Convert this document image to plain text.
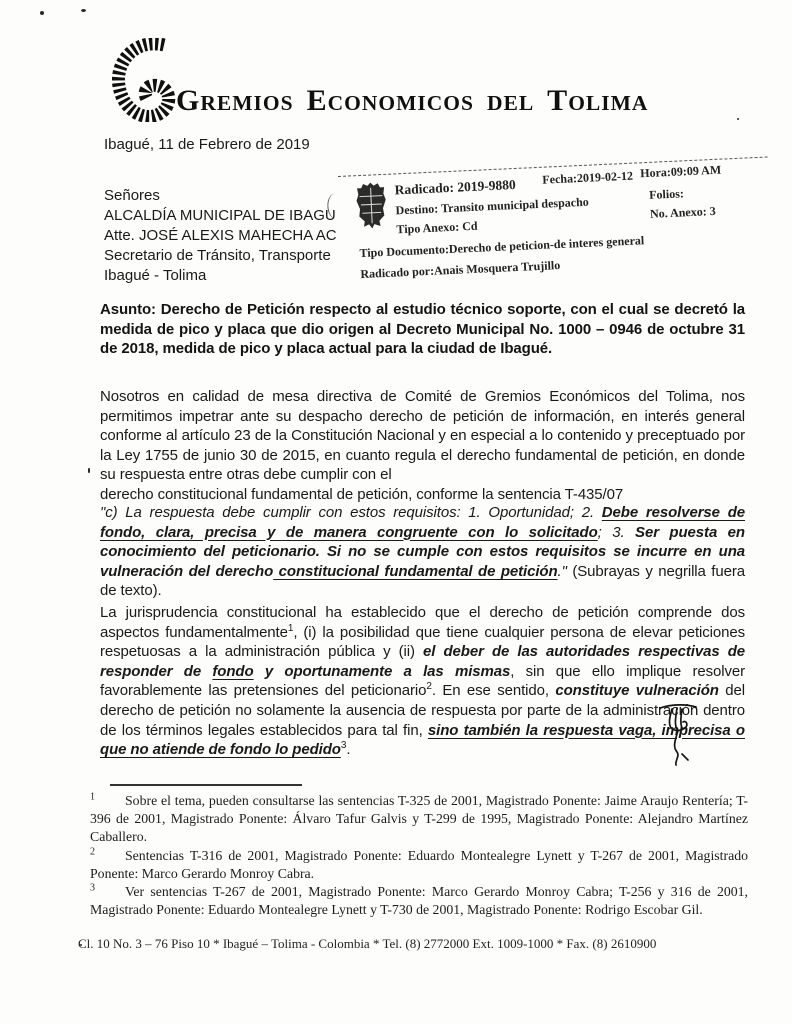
GREMIOS ECONOMICOS DEL TOLIMA
Ibagué, 11 de Febrero de 2019
Señores
ALCALDÍA MUNICIPAL DE IBAGU
Atte. JOSÉ ALEXIS MAHECHA AC
Secretario de Tránsito, Transporte
Ibagué - Tolima
Radicado: 2019-9880 Fecha:2019-02-12 Hora:09:09 AM
Destino: Transito municipal despacho
Folios:
Tipo Anexo: Cd
No. Anexo: 3
Tipo Documento:Derecho de peticion-de interes general
Radicado por:Anais Mosquera Trujillo
Asunto: Derecho de Petición respecto al estudio técnico soporte, con el cual se decretó la medida de pico y placa que dio origen al Decreto Municipal No. 1000 – 0946 de octubre 31 de 2018, medida de pico y placa actual para la ciudad de Ibagué.
Nosotros en calidad de mesa directiva de Comité de Gremios Económicos del Tolima, nos permitimos impetrar ante su despacho derecho de petición de información, en interés general conforme al artículo 23 de la Constitución Nacional y en especial a lo contenido y preceptuado por la Ley 1755 de junio 30 de 2015, en cuanto regula el derecho fundamental de petición, en donde su respuesta entre otras debe cumplir con el
derecho constitucional fundamental de petición, conforme la sentencia T-435/07
"c) La respuesta debe cumplir con estos requisitos: 1. Oportunidad; 2. Debe resolverse de fondo, clara, precisa y de manera congruente con lo solicitado; 3. Ser puesta en conocimiento del peticionario. Si no se cumple con estos requisitos se incurre en una vulneración del derecho constitucional fundamental de petición." (Subrayas y negrilla fuera de texto).
La jurisprudencia constitucional ha establecido que el derecho de petición comprende dos aspectos fundamentalmente$^1$, (i) la posibilidad que tiene cualquier persona de elevar peticiones respetuosas a la administración pública y (ii) el deber de las autoridades respectivas de responder de fondo y oportunamente a las mismas, sin que ello implique resolver favorablemente las pretensiones del peticionario$^2$. En ese sentido, constituye vulneración del derecho de petición no solamente la ausencia de respuesta por parte de la administración dentro de los términos legales establecidos para tal fin, sino también la respuesta vaga, imprecisa o que no atiende de fondo lo pedido$^3$.

$^1$ Sobre el tema, pueden consultarse las sentencias T-325 de 2001, Magistrado Ponente: Jaime Araujo Rentería; T-396 de 2001, Magistrado Ponente: Álvaro Tafur Galvis y T-299 de 1995, Magistrado Ponente: Alejandro Martínez Caballero.

$^2$ Sentencias T-316 de 2001, Magistrado Ponente: Eduardo Montealegre Lynett y T-267 de 2001, Magistrado Ponente: Marco Gerardo Monroy Cabra.

$^3$ Ver sentencias T-267 de 2001, Magistrado Ponente: Marco Gerardo Monroy Cabra; T-256 y 316 de 2001, Magistrado Ponente: Eduardo Montealegre Lynett y T-730 de 2001, Magistrado Ponente: Rodrigo Escobar Gil.

Cl. 10 No. 3 – 76 Piso 10 * Ibagué – Tolima - Colombia * Tel. (8) 2772000 Ext. 1009-1000 * Fax. (8) 2610900
